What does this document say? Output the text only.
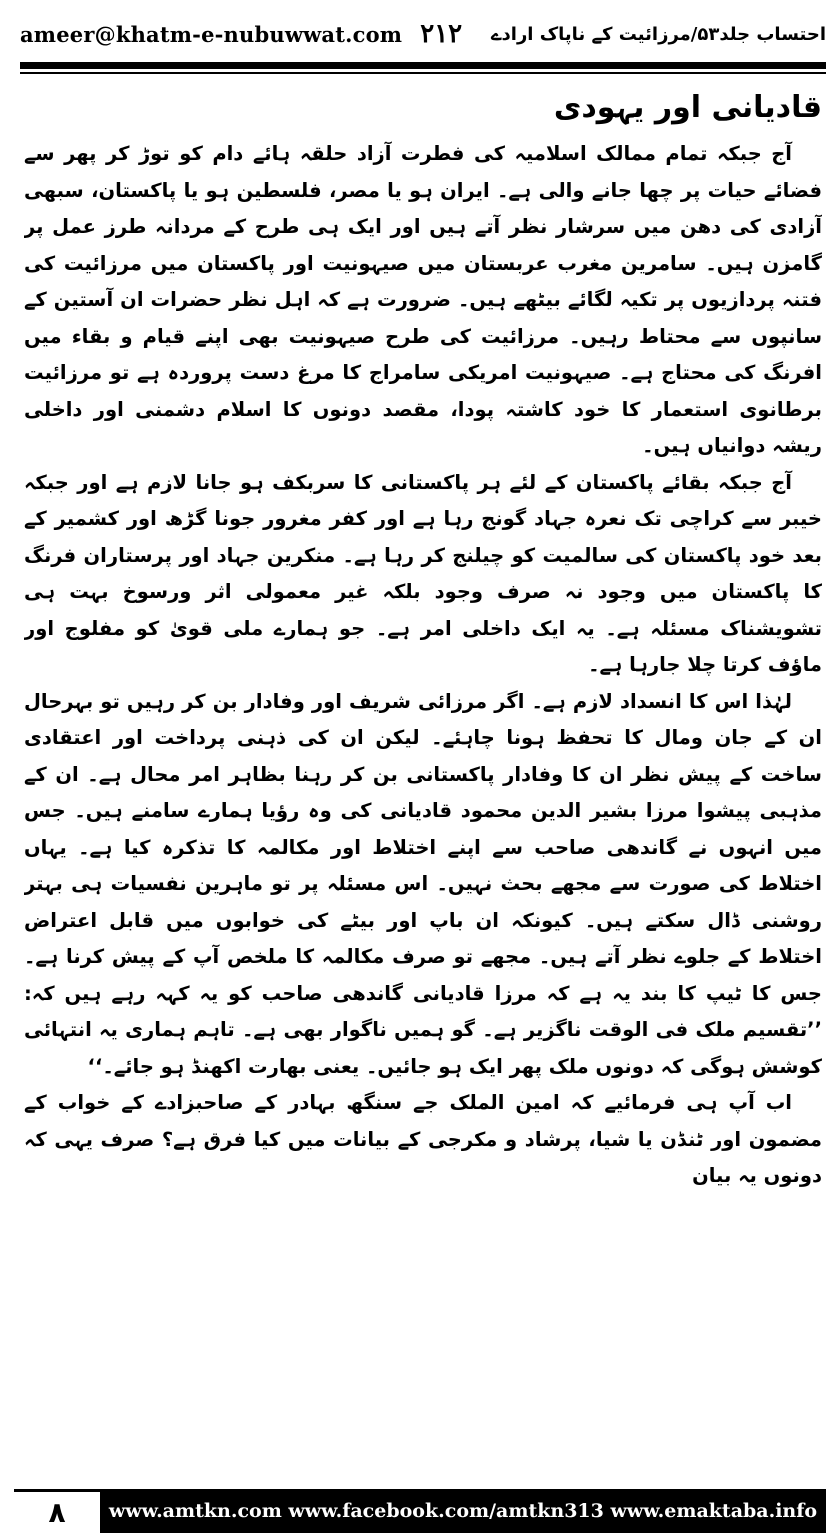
ameer@khatm-e-nubuwwat.com ۲۱۲ احتساب جلد۵۳/مرزائیت کے ناپاک ارادے
قادیانی اور یہودی

آج جبکہ تمام ممالک اسلامیہ کی فطرت آزاد حلقہ ہائے دام کو توڑ کر پھر سے فضائے حیات پر چھا جانے والی ہے۔ ایران ہو یا مصر، فلسطین ہو یا پاکستان، سبھی آزادی کی دھن میں سرشار نظر آتے ہیں اور ایک ہی طرح کے مردانہ طرز عمل پر گامزن ہیں۔ سامرین مغرب عربستان میں صیہونیت اور پاکستان میں مرزائیت کی فتنہ پردازیوں پر تکیہ لگائے بیٹھے ہیں۔ ضرورت ہے کہ اہل نظر حضرات ان آستین کے سانپوں سے محتاط رہیں۔ مرزائیت کی طرح صیہونیت بھی اپنے قیام و بقاء میں افرنگ کی محتاج ہے۔ صیہونیت امریکی سامراج کا مرغ دست پروردہ ہے تو مرزائیت برطانوی استعمار کا خود کاشتہ پودا، مقصد دونوں کا اسلام دشمنی اور داخلی ریشہ دوانیاں ہیں۔

آج جبکہ بقائے پاکستان کے لئے ہر پاکستانی کا سربکف ہو جانا لازم ہے اور جبکہ خیبر سے کراچی تک نعرہ جہاد گونج رہا ہے اور کفر مغرور جونا گڑھ اور کشمیر کے بعد خود پاکستان کی سالمیت کو چیلنج کر رہا ہے۔ منکرین جہاد اور پرستاران فرنگ کا پاکستان میں وجود نہ صرف وجود بلکہ غیر معمولی اثر ورسوخ بہت ہی تشویشناک مسئلہ ہے۔ یہ ایک داخلی امر ہے۔ جو ہمارے ملی قویٰ کو مفلوج اور ماؤف کرتا چلا جارہا ہے۔

لہٰذا اس کا انسداد لازم ہے۔ اگر مرزائی شریف اور وفادار بن کر رہیں تو بہرحال ان کے جان ومال کا تحفظ ہونا چاہئے۔ لیکن ان کی ذہنی پرداخت اور اعتقادی ساخت کے پیش نظر ان کا وفادار پاکستانی بن کر رہنا بظاہر امر محال ہے۔ ان کے مذہبی پیشوا مرزا بشیر الدین محمود قادیانی کی وہ رؤیا ہمارے سامنے ہیں۔ جس میں انہوں نے گاندھی صاحب سے اپنے اختلاط اور مکالمہ کا تذکرہ کیا ہے۔ یہاں اختلاط کی صورت سے مجھے بحث نہیں۔ اس مسئلہ پر تو ماہرین نفسیات ہی بہتر روشنی ڈال سکتے ہیں۔ کیونکہ ان باپ اور بیٹے کی خوابوں میں قابل اعتراض اختلاط کے جلوے نظر آتے ہیں۔ مجھے تو صرف مکالمہ کا ملخص آپ کے پیش کرنا ہے۔ جس کا ٹیپ کا بند یہ ہے کہ مرزا قادیانی گاندھی صاحب کو یہ کہہ رہے ہیں کہ: ’’تقسیم ملک فی الوقت ناگزیر ہے۔ گو ہمیں ناگوار بھی ہے۔ تاہم ہماری یہ انتہائی کوشش ہوگی کہ دونوں ملک پھر ایک ہو جائیں۔ یعنی بھارت اکھنڈ ہو جائے۔‘‘

اب آپ ہی فرمائیے کہ امین الملک جے سنگھ بہادر کے صاحبزادے کے خواب کے مضمون اور ٹنڈن یا شیا، پرشاد و مکرجی کے بیانات میں کیا فرق ہے؟ صرف یہی کہ دونوں یہ بیان

۸	www.amtkn.com www.facebook.com/amtkn313 www.emaktaba.info
